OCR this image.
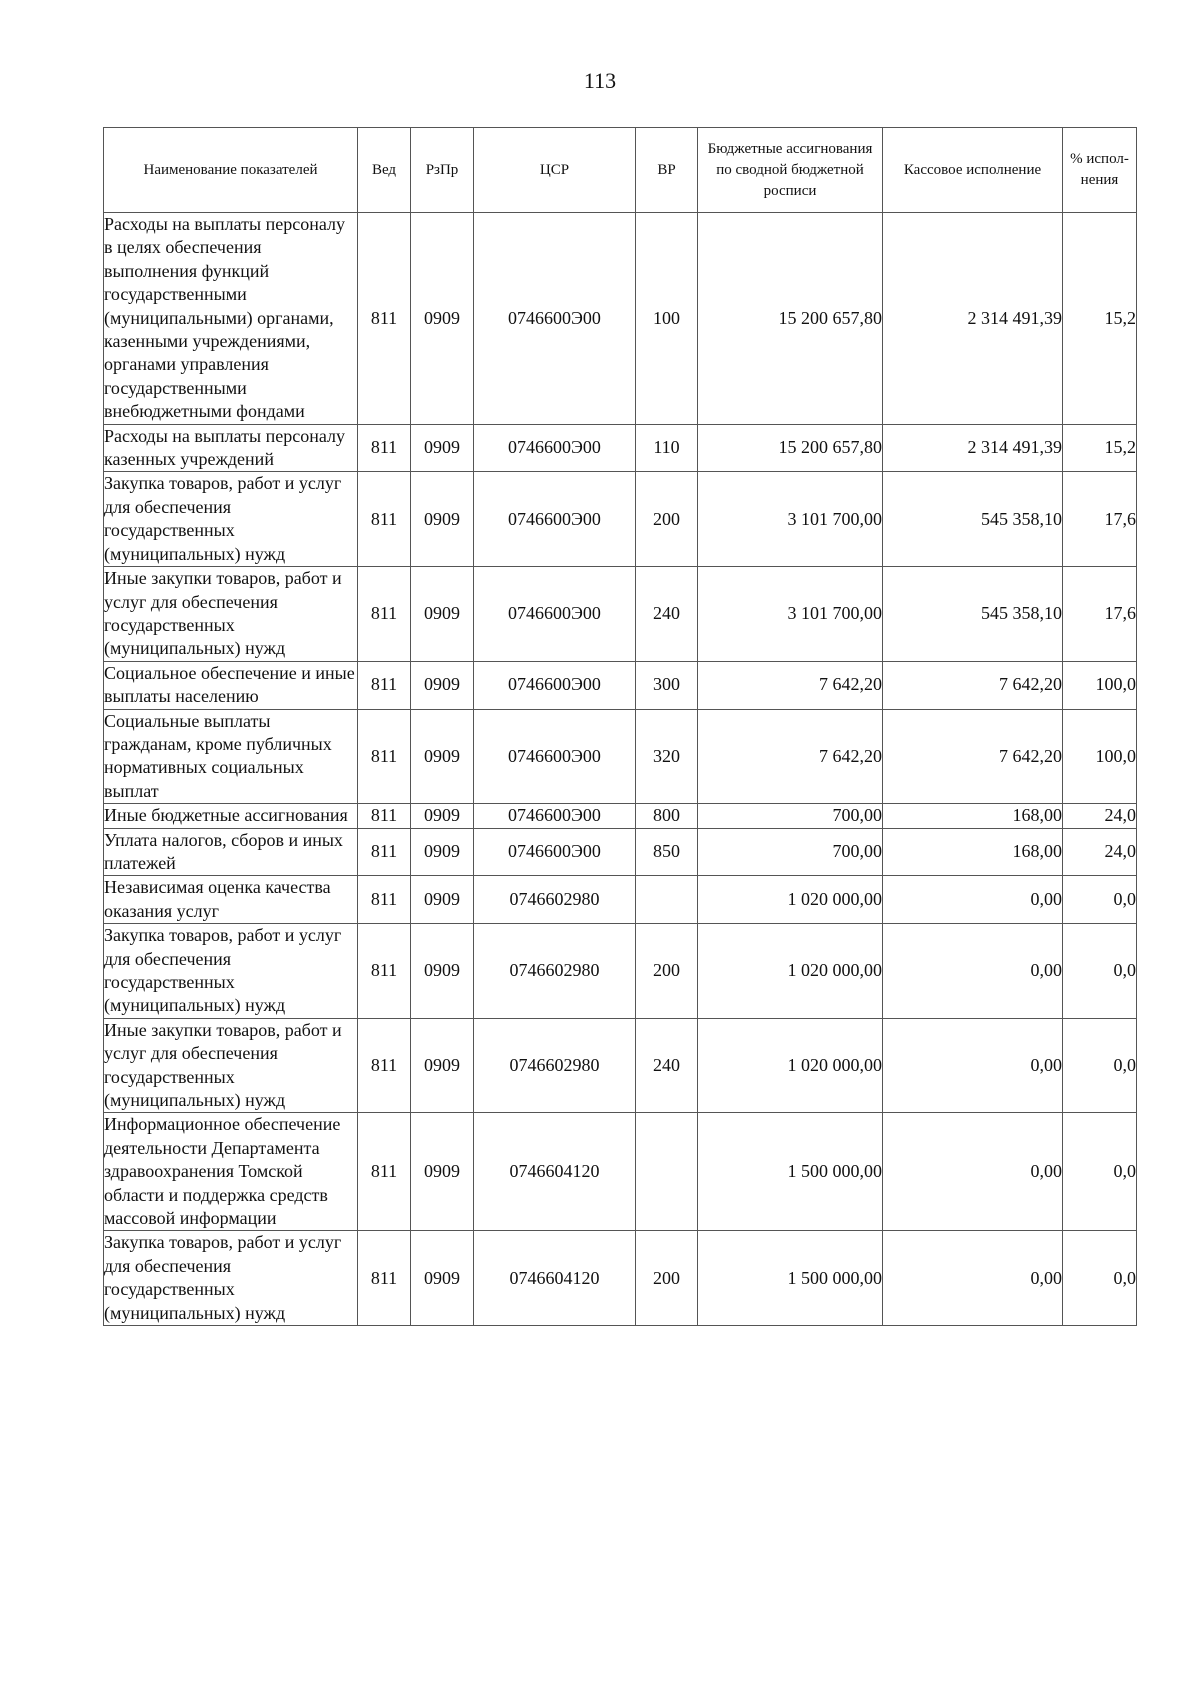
113
Наименование показателей	Вед	РзПр	ЦСР	ВР	Бюджетные ассигнования по сводной бюджетной росписи	Кассовое исполнение	% испол-нения
Расходы на выплаты персоналу в целях обеспечения выполнения функций государственными (муниципальными) органами, казенными учреждениями, органами управления государственными внебюджетными фондами	811	0909	0746600Э00	100	15 200 657,80	2 314 491,39	15,2
Расходы на выплаты персоналу казенных учреждений	811	0909	0746600Э00	110	15 200 657,80	2 314 491,39	15,2
Закупка товаров, работ и услуг для обеспечения государственных (муниципальных) нужд	811	0909	0746600Э00	200	3 101 700,00	545 358,10	17,6
Иные закупки товаров, работ и услуг для обеспечения государственных (муниципальных) нужд	811	0909	0746600Э00	240	3 101 700,00	545 358,10	17,6
Социальное обеспечение и иные выплаты населению	811	0909	0746600Э00	300	7 642,20	7 642,20	100,0
Социальные выплаты гражданам, кроме публичных нормативных социальных выплат	811	0909	0746600Э00	320	7 642,20	7 642,20	100,0
Иные бюджетные ассигнования	811	0909	0746600Э00	800	700,00	168,00	24,0
Уплата налогов, сборов и иных платежей	811	0909	0746600Э00	850	700,00	168,00	24,0
Независимая оценка качества оказания услуг	811	0909	0746602980		1 020 000,00	0,00	0,0
Закупка товаров, работ и услуг для обеспечения государственных (муниципальных) нужд	811	0909	0746602980	200	1 020 000,00	0,00	0,0
Иные закупки товаров, работ и услуг для обеспечения государственных (муниципальных) нужд	811	0909	0746602980	240	1 020 000,00	0,00	0,0
Информационное обеспечение деятельности Департамента здравоохранения Томской области и поддержка средств массовой информации	811	0909	0746604120		1 500 000,00	0,00	0,0
Закупка товаров, работ и услуг для обеспечения государственных (муниципальных) нужд	811	0909	0746604120	200	1 500 000,00	0,00	0,0
